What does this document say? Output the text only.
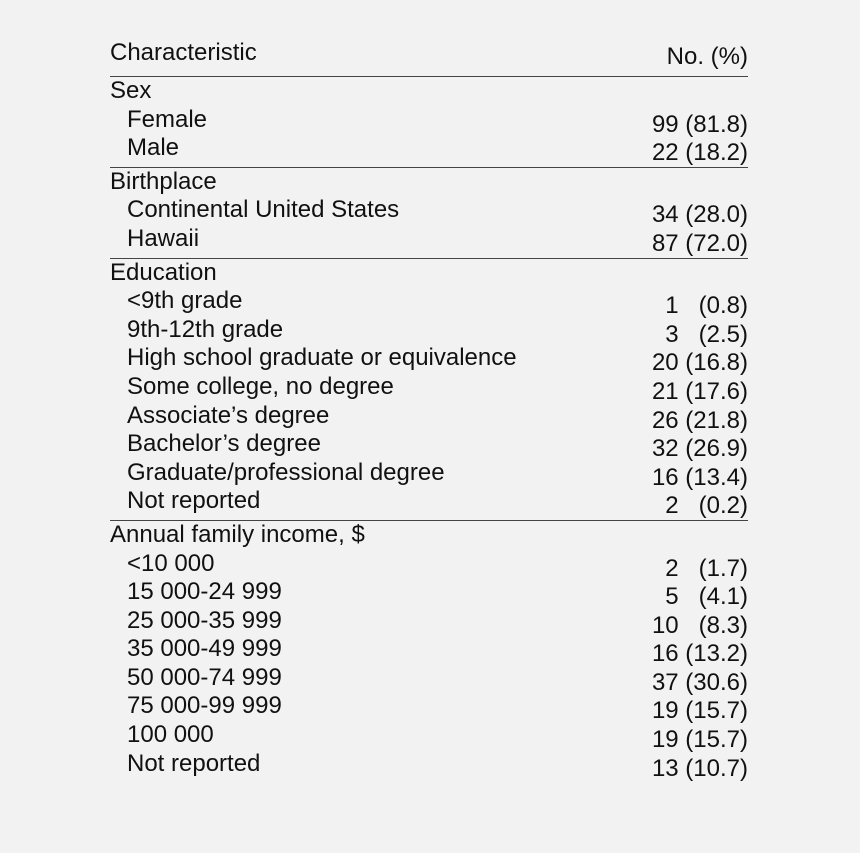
Characteristic	No. (%)
Sex
Female	99 (81.8)
Male	22 (18.2)
Birthplace
Continental United States	34 (28.0)
Hawaii	87 (72.0)
Education
<9th grade	1   (0.8)
9th-12th grade	3   (2.5)
High school graduate or equivalence	20 (16.8)
Some college, no degree	21 (17.6)
Associate’s degree	26 (21.8)
Bachelor’s degree	32 (26.9)
Graduate/professional degree	16 (13.4)
Not reported	2   (0.2)
Annual family income, $
<10 000	2   (1.7)
15 000-24 999	5   (4.1)
25 000-35 999	10   (8.3)
35 000-49 999	16 (13.2)
50 000-74 999	37 (30.6)
75 000-99 999	19 (15.7)
100 000	19 (15.7)
Not reported	13 (10.7)
